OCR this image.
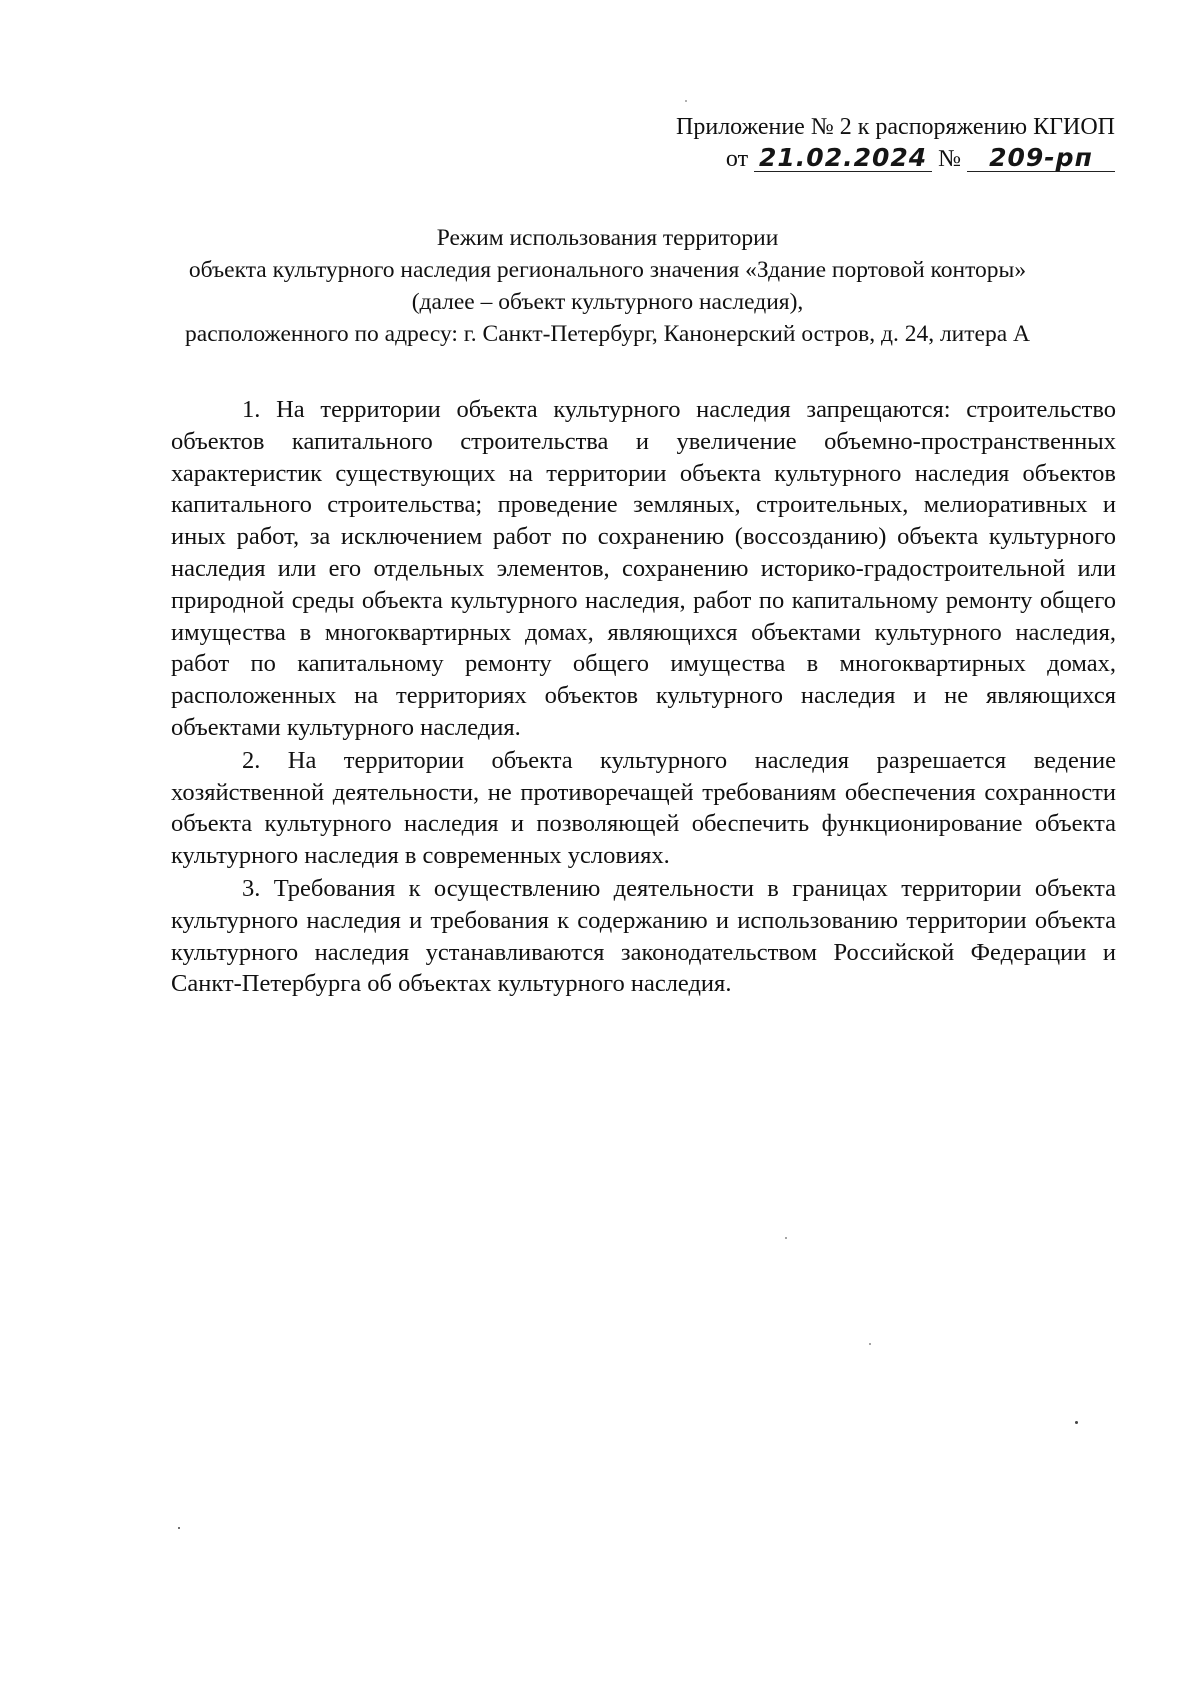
Приложение № 2 к распоряжению КГИОП
от 21.02.2024 №	209-рп
Режим использования территории
объекта культурного наследия регионального значения «Здание портовой конторы»
(далее – объект культурного наследия),
расположенного по адресу: г. Санкт-Петербург, Канонерский остров, д. 24, литера А

1. На территории объекта культурного наследия запрещаются: строительство объектов капитального строительства и увеличение объемно-пространственных характеристик существующих на территории объекта культурного наследия объектов капитального строительства; проведение земляных, строительных, мелиоративных и иных работ, за исключением работ по сохранению (воссозданию) объекта культурного наследия или его отдельных элементов, сохранению историко-градостроительной или природной среды объекта культурного наследия, работ по капитальному ремонту общего имущества в многоквартирных домах, являющихся объектами культурного наследия, работ по капитальному ремонту общего имущества в многоквартирных домах, расположенных на территориях объектов культурного наследия и не являющихся объектами культурного наследия.

2. На территории объекта культурного наследия разрешается ведение хозяйственной деятельности, не противоречащей требованиям обеспечения сохранности объекта культурного наследия и позволяющей обеспечить функционирование объекта культурного наследия в современных условиях.

3. Требования к осуществлению деятельности в границах территории объекта культурного наследия и требования к содержанию и использованию территории объекта культурного наследия устанавливаются законодательством Российской Федерации и Санкт-Петербурга об объектах культурного наследия.
